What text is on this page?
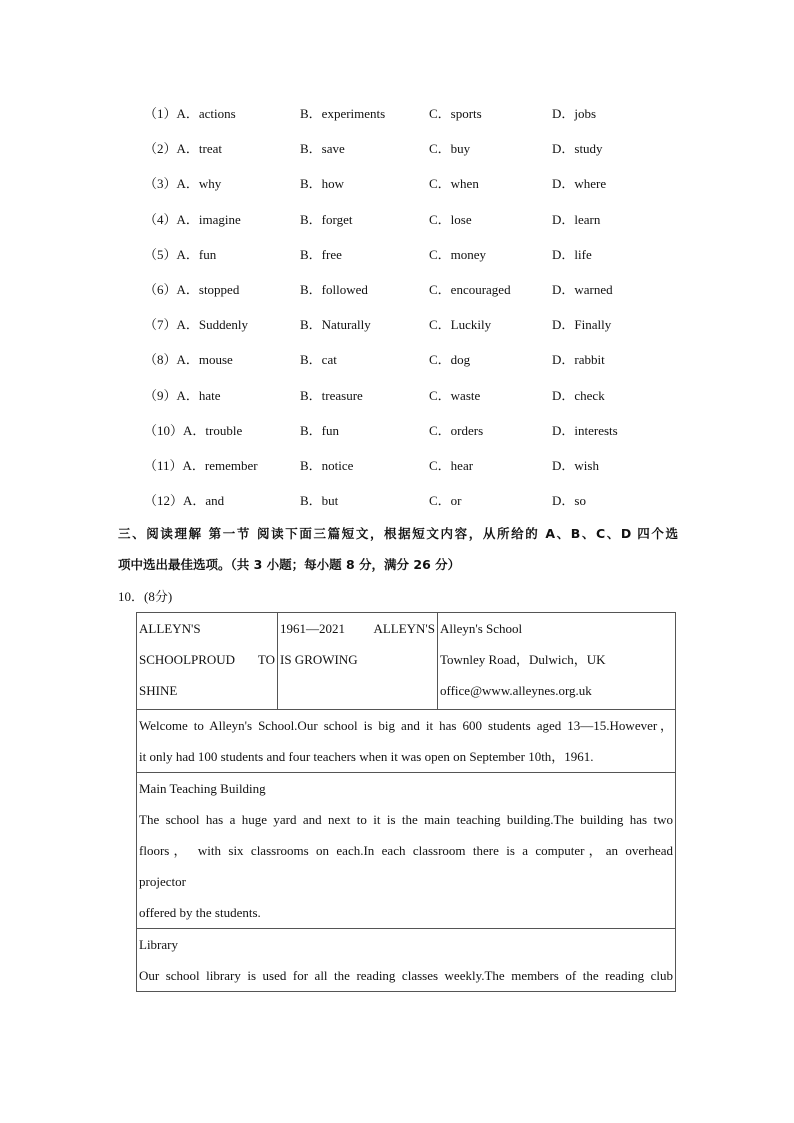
（1）A．actions	B．experiments	C．sports	D．jobs
（2）A．treat	B．save	C．buy	D．study
（3）A．why	B．how	C．when	D．where
（4）A．imagine	B．forget	C．lose	D．learn
（5）A．fun	B．free	C．money	D．life
（6）A．stopped	B．followed	C．encouraged	D．warned
（7）A．Suddenly	B．Naturally	C．Luckily	D．Finally
（8）A．mouse	B．cat	C．dog	D．rabbit
（9）A．hate	B．treasure	C．waste	D．check
（10）A．trouble	B．fun	C．orders	D．interests
（11）A．remember	B．notice	C．hear	D．wish
（12）A．and	B．but	C．or	D．so
三、阅读理解 第一节 阅读下面三篇短文，根据短文内容，从所给的 A、B、C、D 四个选
项中选出最佳选项。（共 3 小题；每小题 8 分，满分 26 分）
10．(8分)
ALLEYN'S
SCHOOLPROUD TO
SHINE

1961—2021 ALLEYN'S
IS GROWING

Alleyn's School
Townley Road，Dulwich，UK
office@www.alleynes.org.uk

Welcome to Alleyn's School.Our school is big and it has 600 students aged 13—15.However，
it only had 100 students and four teachers when it was open on September 10th，1961.

Main Teaching Building
The school has a huge yard and next to it is the main teaching building.The building has two
floors， with six classrooms on each.In each classroom there is a computer，an overhead
projector
offered by the students.

Library
Our school library is used for all the reading classes weekly.The members of the reading club
